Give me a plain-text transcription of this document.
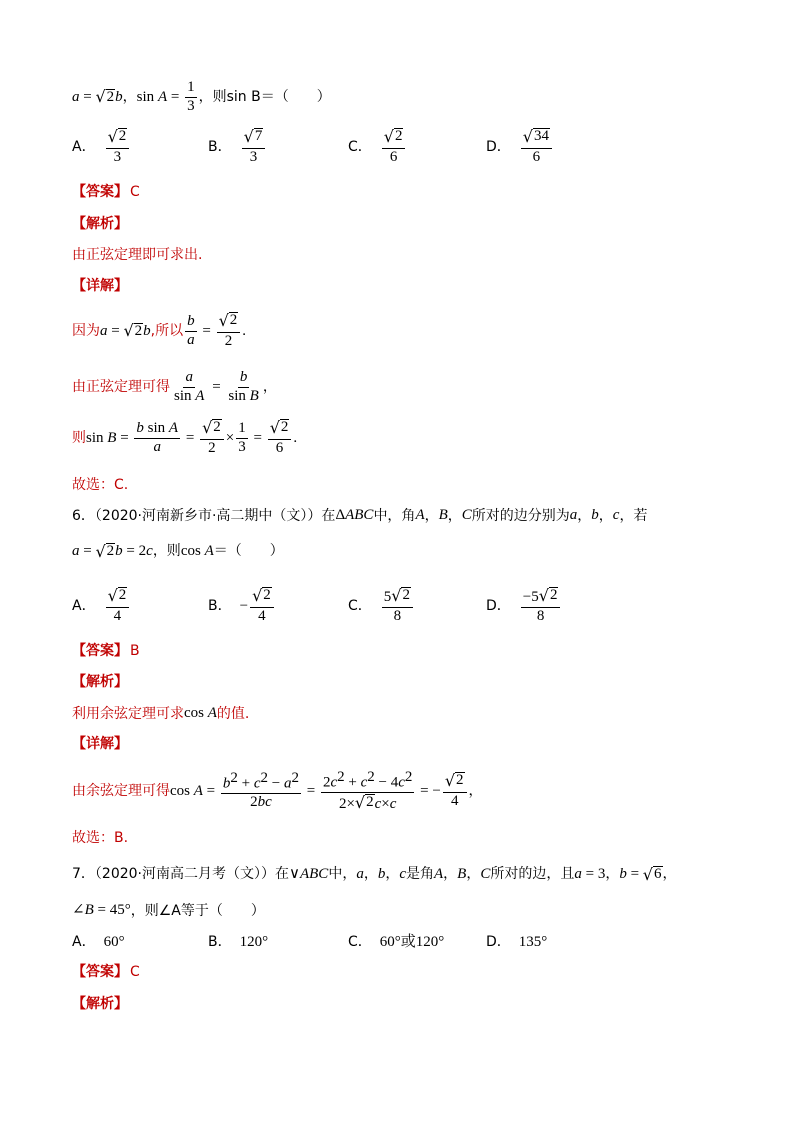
a = √ 2 b ， $\sin A = \frac{1}{3}$ ，则sin B＝（　　）
A． $\frac{√ 2}{3}$	B． $\frac{√ 7}{3}$	C． $\frac{√ 2}{6}$	D． $\frac{√ 34}{6}$
【答案】 C
【解析】
由正弦定理即可求出.
【详解】
因为 a = √ 2 b ,所以 $\frac{b}{a} = \frac{√ 2}{2}$ .
由正弦定理可得 $\frac{a}{\text{sin A}} = \frac{b}{\text{sin B}}$ ，
则 $\sin B = \frac{\text{b sin A}}{a} = \frac{√ 2}{2} \times \frac{1}{3} = \frac{√ 2}{6}$ .
故选：C.
6．（2020·河南新乡市·高二期中（文））在 Δ ABC 中，角 A ， B ， C 所对的边分别为 a ， b ， c ，若
a = √ 2 b = 2 c ，则 cos A ＝（　　）
A． $\frac{√ 2}{4}$	B． − $\frac{√ 2}{4}$	C． $\frac{5 √ 2}{8}$	D． $\frac{-5 √ 2}{8}$
【答案】 B
【解析】
利用余弦定理可求 cos A 的值.
【详解】
由余弦定理可得 $\cos A = \frac{b^2 + c^2 - a^2}{2bc} = \frac{2c^2 + c^2 - 4c^2}{2\times √ 2 c\times c}$ = − $\frac{√ 2}{4}$ ，
故选：B.
7．（2020·河南高二月考（文））在 ∨ ABC 中， a ， b ， c 是角 A ， B ， C 所对的边，且 a = 3 ， b = √ 6 ，
∠ B = 45° ，则∠A等于（　　）
A． 60°	B． 120°	C． 60°或120°	D． 135°
【答案】 C
【解析】
